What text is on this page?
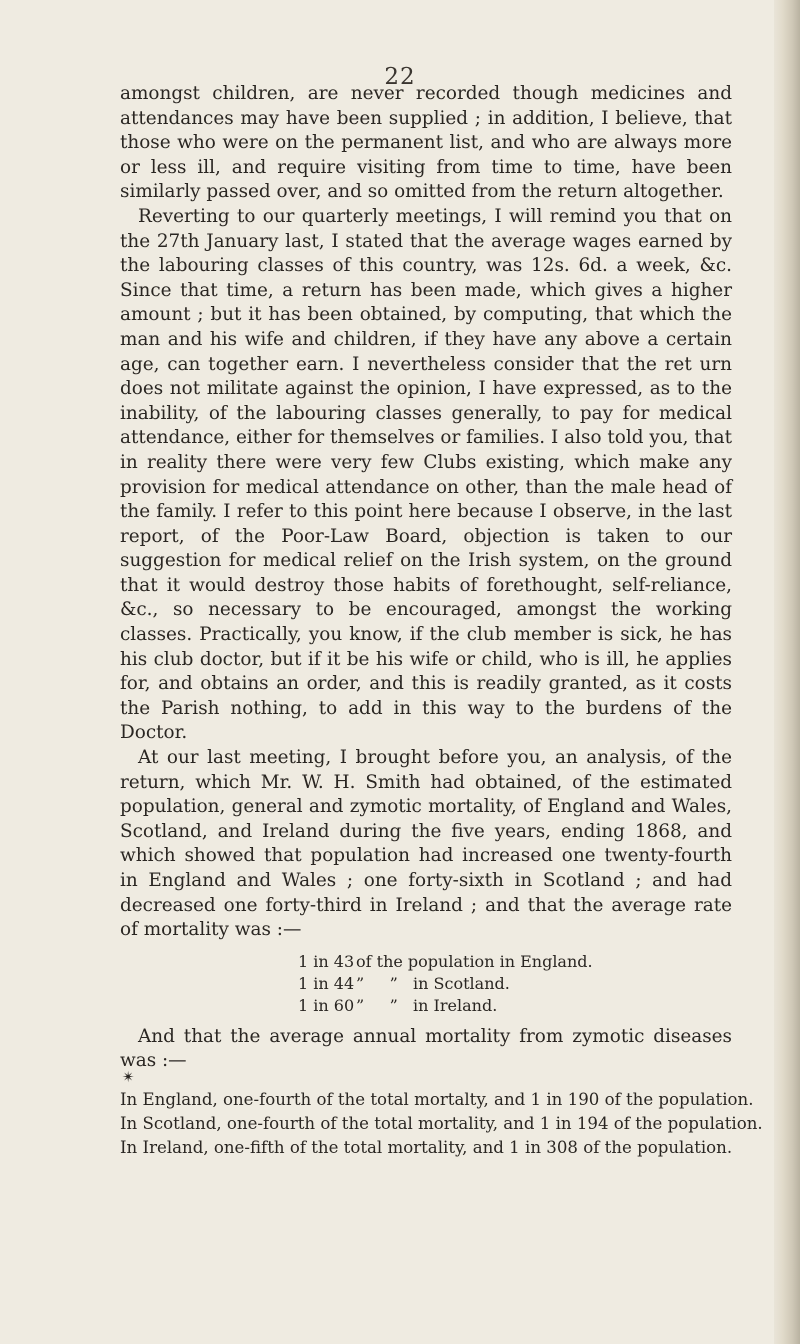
22

amongst children, are never recorded though medicines and attendances may have been supplied ; in addition, I believe, that those who were on the permanent list, and who are always more or less ill, and require visiting from time to time, have been similarly passed over, and so omitted from the return altogether.

Reverting to our quarterly meetings, I will remind you that on the 27th January last, I stated that the average wages earned by the labouring classes of this country, was 12s. 6d. a week, &c. Since that time, a return has been made, which gives a higher amount ; but it has been obtained, by computing, that which the man and his wife and children, if they have any above a certain age, can together earn. I nevertheless consider that the ret urn does not militate against the opinion, I have expressed, as to the inability, of the labouring classes generally, to pay for medical attendance, either for themselves or families. I also told you, that in reality there were very few Clubs existing, which make any provision for medical attendance on other, than the male head of the family. I refer to this point here because I observe, in the last report, of the Poor-Law Board, objection is taken to our suggestion for medical relief on the Irish system, on the ground that it would destroy those habits of forethought, self-reliance, &c., so necessary to be encouraged, amongst the working classes. Practically, you know, if the club member is sick, he has his club doctor, but if it be his wife or child, who is ill, he applies for, and obtains an order, and this is readily granted, as it costs the Parish nothing, to add in this way to the burdens of the Doctor.

At our last meeting, I brought before you, an analysis, of the return, which Mr. W. H. Smith had obtained, of the estimated population, general and zymotic mortality, of England and Wales, Scotland, and Ireland during the five years, ending 1868, and which showed that population had increased one twenty-fourth in England and Wales ; one forty-sixth in Scotland ; and had decreased one forty-third in Ireland ; and that the average rate of mortality was :—

1 in 43 of the population in England.
1 in 44 ”     ”   in Scotland.
1 in 60 ”     ”   in Ireland.

And that the average annual mortality from zymotic diseases was :—

✴

In England, one-fourth of the total mortalty, and 1 in 190 of the population.

In Scotland, one-fourth of the total mortality, and 1 in 194 of the population.

In Ireland, one-fifth of the total mortality, and 1 in 308 of the population.
